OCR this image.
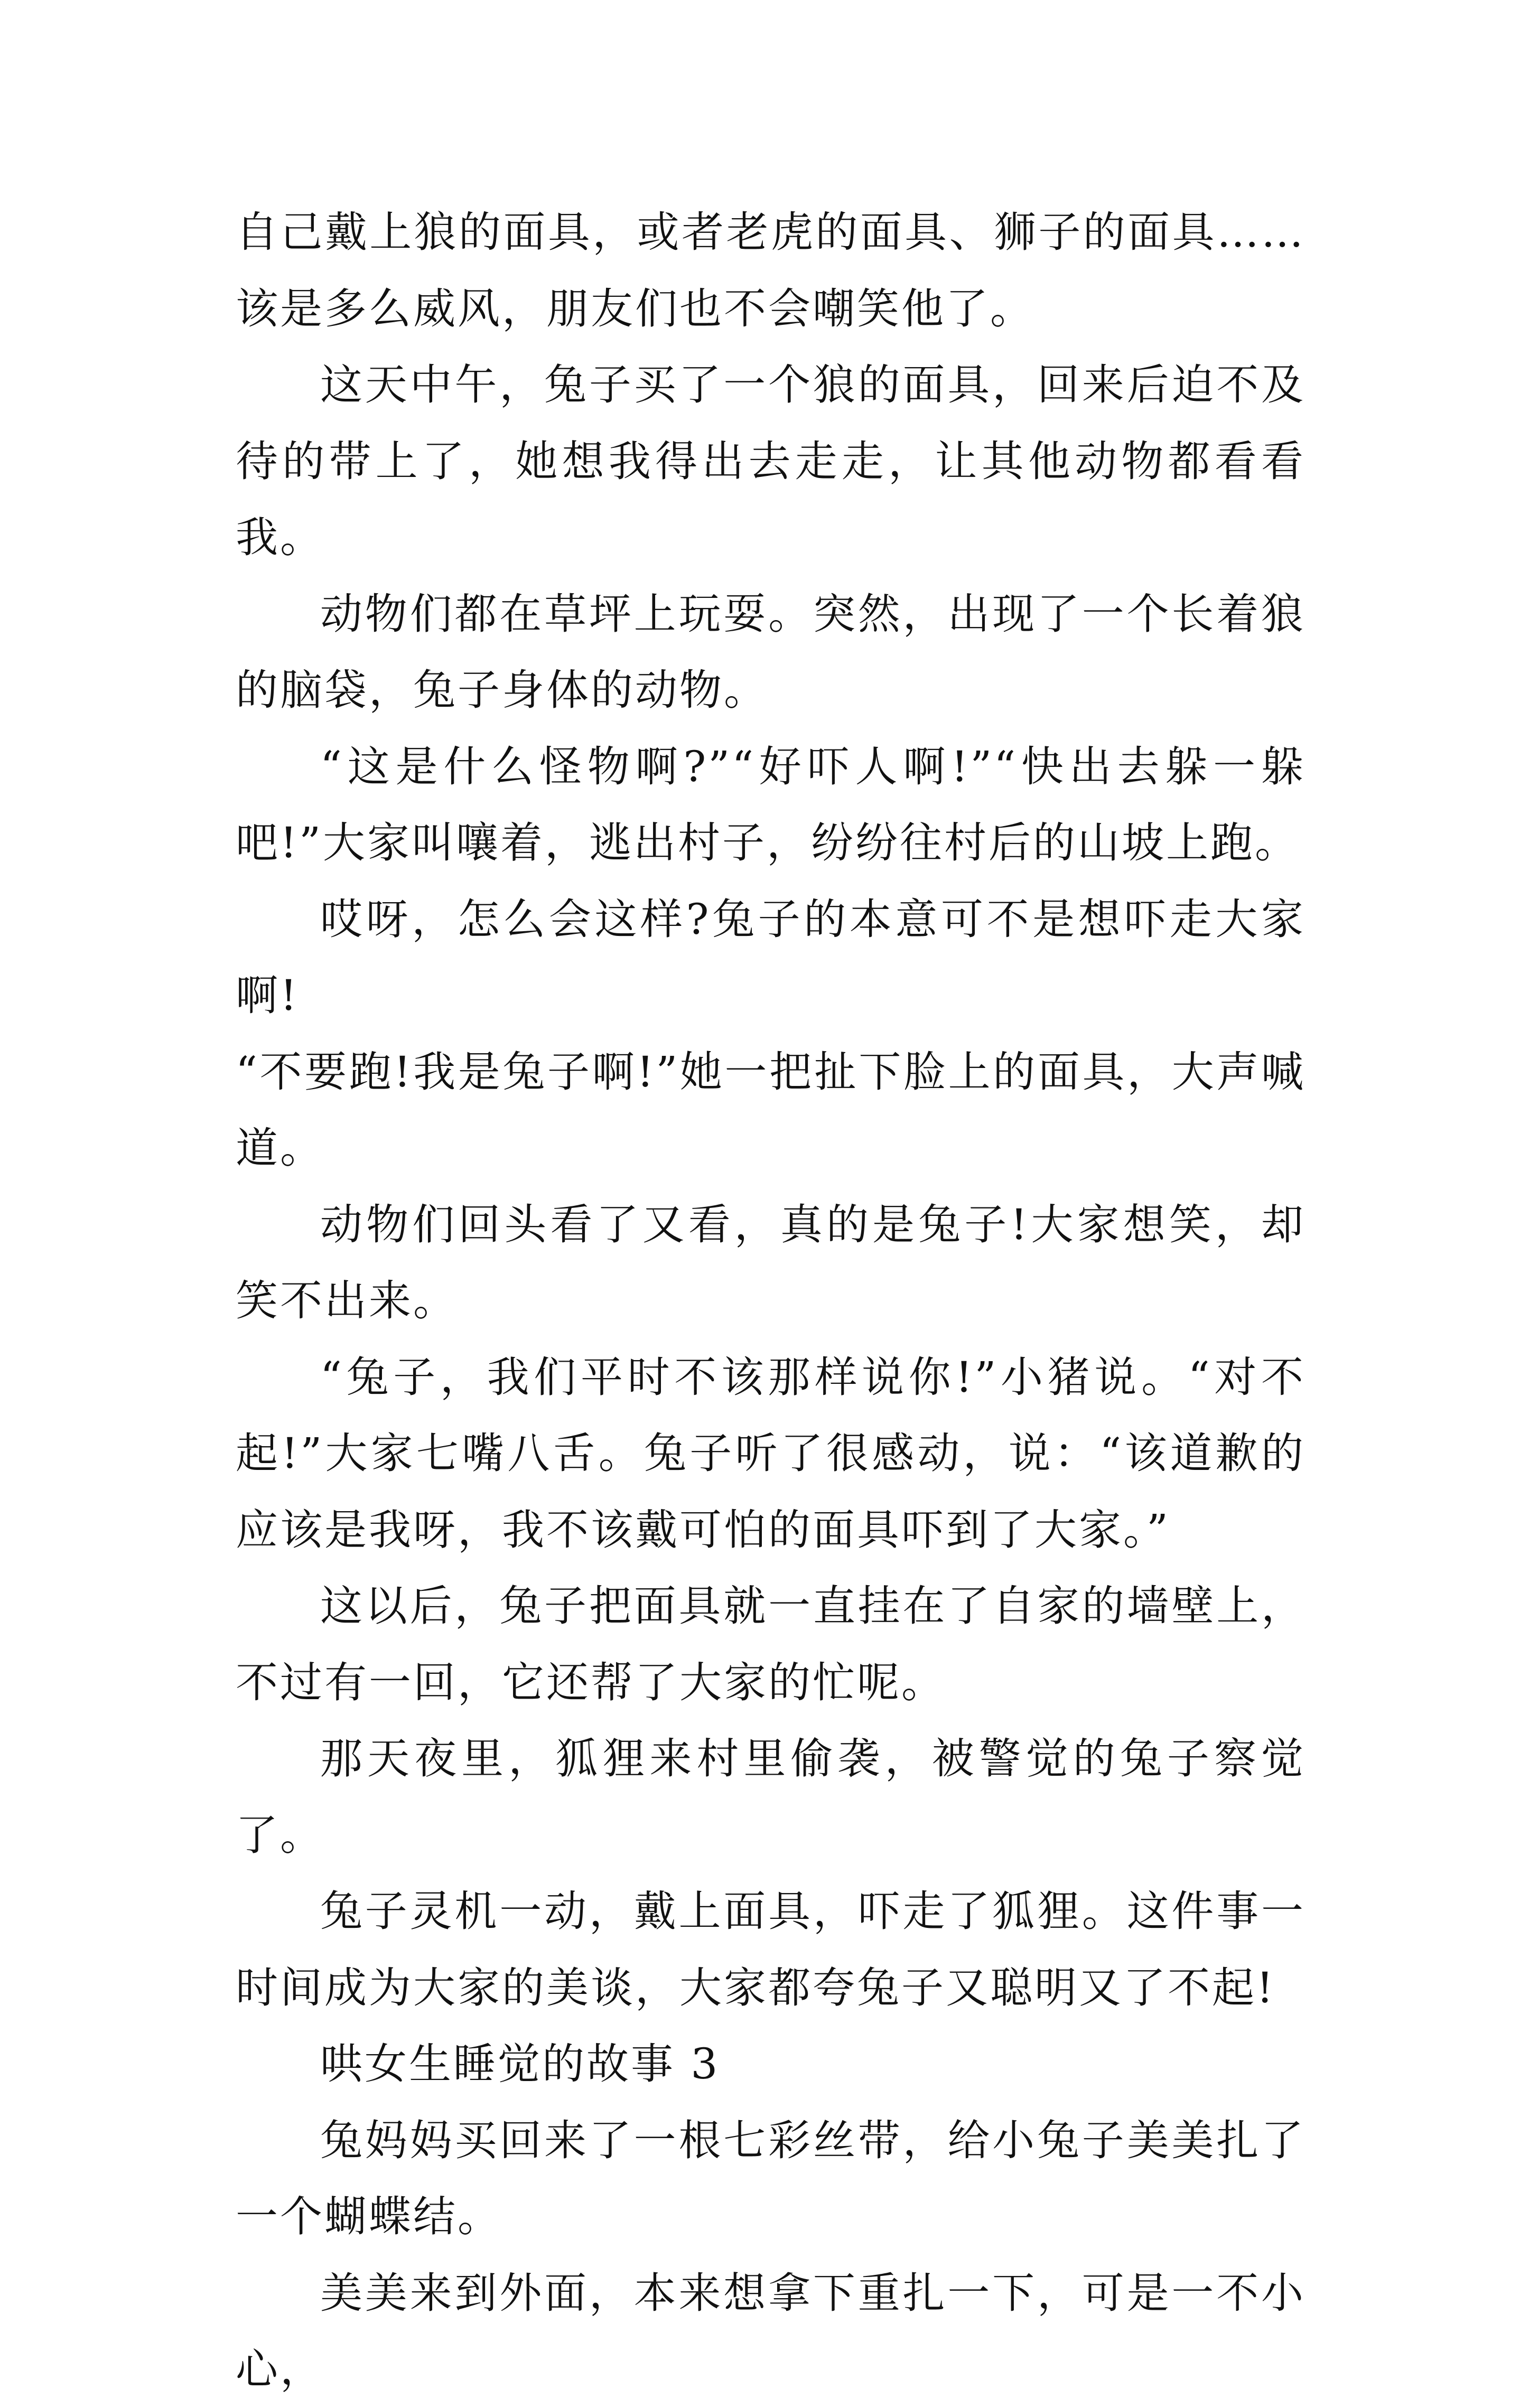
自己戴上狼的面具，或者老虎的面具、狮子的面具……该是多么威风，朋友们也不会嘲笑他了。

这天中午，兔子买了一个狼的面具，回来后迫不及待的带上了，她想我得出去走走，让其他动物都看看我。

动物们都在草坪上玩耍。突然，出现了一个长着狼的脑袋，兔子身体的动物。

“这是什么怪物啊?”“好吓人啊!”“快出去躲一躲吧!”大家叫嚷着，逃出村子，纷纷往村后的山坡上跑。

哎呀，怎么会这样?兔子的本意可不是想吓走大家啊!

“不要跑!我是兔子啊!”她一把扯下脸上的面具，大声喊道。

动物们回头看了又看，真的是兔子!大家想笑，却笑不出来。

“兔子，我们平时不该那样说你!”小猪说。“对不起!”大家七嘴八舌。兔子听了很感动，说：“该道歉的应该是我呀，我不该戴可怕的面具吓到了大家。”

这以后，兔子把面具就一直挂在了自家的墙壁上，不过有一回，它还帮了大家的忙呢。

那天夜里，狐狸来村里偷袭，被警觉的兔子察觉了。

兔子灵机一动，戴上面具，吓走了狐狸。这件事一时间成为大家的美谈，大家都夸兔子又聪明又了不起!

哄女生睡觉的故事 3

兔妈妈买回来了一根七彩丝带，给小兔子美美扎了一个蝴蝶结。

美美来到外面，本来想拿下重扎一下，可是一不小心，
